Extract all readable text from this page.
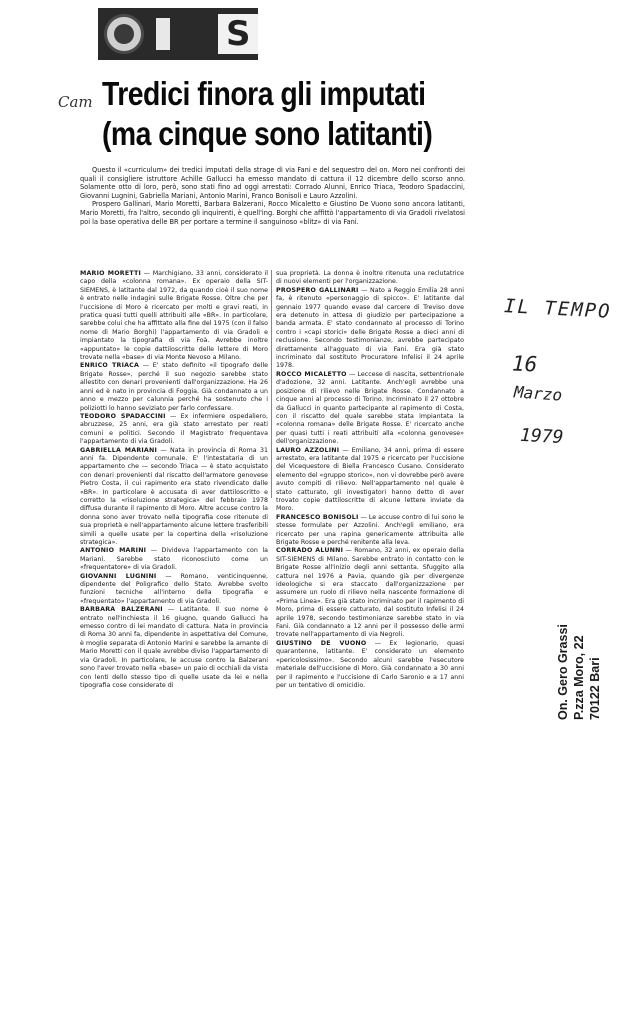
S
Cam Tredici finora gli imputati
(ma cinque sono latitanti)

Questo il «curriculum» dei tredici imputati della strage di via Fani e del sequestro del on. Moro nei confronti dei quali il consigliere istruttore Achille Gallucci ha emesso mandato di cattura il 12 dicembre dello scorso anno. Solamente otto di loro, però, sono stati fino ad oggi arrestati: Corrado Alunni, Enrico Triaca, Teodoro Spadaccini, Giovanni Lugnini, Gabriella Mariani, Antonio Marini, Franco Bonisoli e Lauro Azzolini.

Prospero Gallinari, Mario Moretti, Barbara Balzerani, Rocco Micaletto e Giustino De Vuono sono ancora latitanti, Mario Moretti, fra l'altro, secondo gli inquirenti, è quell'ing. Borghi che affittò l'appartamento di via Gradoli rivelatosi poi la base operativa delle BR per portare a termine il sanguinoso «blitz» di via Fani.

MARIO MORETTI — Marchigiano, 33 anni, considerato il capo della «colonna romana». Ex operaio della SIT-SIEMENS, è latitante dal 1972, da quando cioè il suo nome è entrato nelle indagini sulle Brigate Rosse. Oltre che per l'uccisione di Moro è ricercato per molti e gravi reati, in pratica quasi tutti quelli attribuiti alle «BR». In particolare, sarebbe colui che ha affittato alla fine del 1975 (con il falso nome di Mario Borghi) l'appartamento di via Gradoli e impiantato la tipografia di via Foà. Avrebbe inoltre «appuntato» le copie dattiloscritte delle lettere di Moro trovate nella «base» di via Monte Nevoso a Milano.

ENRICO TRIACA — E' stato definito «il tipografo delle Brigate Rosse», perché il suo negozio sarebbe stato allestito con denari provenienti dall'organizzazione. Ha 26 anni ed è nato in provincia di Foggia. Già condannato a un anno e mezzo per calunnia perché ha sostenuto che i poliziotti lo hanno seviziato per farlo confessare.

TEODORO SPADACCINI — Ex infermiere ospedaliero, abruzzese, 25 anni, era già stato arrestato per reati comuni e politici. Secondo il Magistrato frequentava l'appartamento di via Gradoli.

GABRIELLA MARIANI — Nata in provincia di Roma 31 anni fa. Dipendente comunale. E' l'intestataria di un appartamento che — secondo Triaca — è stato acquistato con denari provenienti dal riscatto dell'armatore genovese Pietro Costa, il cui rapimento era stato rivendicato dalle «BR». In particolare è accusata di aver dattiloscritto e corretto la «risoluzione strategica» del febbraio 1978 diffusa durante il rapimento di Moro. Altre accuse contro la donna sono aver trovato nella tipografia cose ritenute di sua proprietà e nell'appartamento alcune lettere trasferibili simili a quelle usate per la copertina della «risoluzione strategica».

ANTONIO MARINI — Divideva l'appartamento con la Mariani. Sarebbe stato riconosciuto come un «frequentatore» di via Gradoli.

GIOVANNI LUGNINI — Romano, venticinquenne, dipendente del Poligrafico dello Stato. Avrebbe svolto funzioni tecniche all'interno della tipografia e «frequentato» l'appartamento di via Gradoli.

BARBARA BALZERANI — Latitante. Il suo nome è entrato nell'inchiesta il 16 giugno, quando Gallucci ha emesso contro di lei mandato di cattura. Nata in provincia di Roma 30 anni fa, dipendente in aspettativa del Comune, è moglie separata di Antonio Marini e sarebbe la amante di Mario Moretti con il quale avrebbe diviso l'appartamento di via Gradoli. In particolare, le accuse contro la Balzerani sono l'aver trovato nella «base» un paio di occhiali da vista con lenti dello stesso tipo di quelle usate da lei e nella tipografia cose considerate di

sua proprietà. La donna è inoltre ritenuta una reclutatrice di nuovi elementi per l'organizzazione.

PROSPERO GALLINARI — Nato a Reggio Emilia 28 anni fa, è ritenuto «personaggio di spicco». E' latitante dal gennaio 1977 quando evase dal carcere di Treviso dove era detenuto in attesa di giudizio per partecipazione a banda armata. E' stato condannato al processo di Torino contro i «capi storici» delle Brigate Rosse a dieci anni di reclusione. Secondo testimonianze, avrebbe partecipato direttamente all'agguato di via Fani. Era già stato incriminato dal sostituto Procuratore Infelisi il 24 aprile 1978.

ROCCO MICALETTO — Leccese di nascita, settentrionale d'adozione, 32 anni. Latitante. Anch'egli avrebbe una posizione di rilievo nelle Brigate Rosse. Condannato a cinque anni al processo di Torino. Incriminato il 27 ottobre da Gallucci in quanto partecipante al rapimento di Costa, con il riscatto del quale sarebbe stata impiantata la «colonna romana» delle Brigate Rosse. E' ricercato anche per quasi tutti i reati attribuiti alla «colonna genovese» dell'organizzazione.

LAURO AZZOLINI — Emiliano, 34 anni, prima di essere arrestato, era latitante dal 1975 e ricercato per l'uccisione del Vicequestore di Biella Francesco Cusano. Considerato elemento del «gruppo storico», non vi dovrebbe però avere avuto compiti di rilievo. Nell'appartamento nel quale è stato catturato, gli investigatori hanno detto di aver trovato copie dattiloscritte di alcune lettere inviate da Moro.

FRANCESCO BONISOLI — Le accuse contro di lui sono le stesse formulate per Azzolini. Anch'egli emiliano, era ricercato per una rapina genericamente attribuita alle Brigate Rosse e perché renitente alla leva.

CORRADO ALUNNI — Romano, 32 anni, ex operaio della SIT-SIEMENS di Milano. Sarebbe entrato in contatto con le Brigate Rosse all'inizio degli anni settanta. Sfuggito alla cattura nel 1976 a Pavia, quando già per divergenze ideologiche si era staccato dall'organizzazione per assumere un ruolo di rilievo nella nascente formazione di «Prima Linea». Era già stato incriminato per il rapimento di Moro, prima di essere catturato, dal sostituto Infelisi il 24 aprile 1978, secondo testimonianze sarebbe stato in via Fani. Già condannato a 12 anni per il possesso delle armi trovate nell'appartamento di via Negroli.

GIUSTINO DE VUONO — Ex legionario, quasi quarantenne, latitante. E' considerato un elemento «pericolosissimo». Secondo alcuni sarebbe l'esecutore materiale dell'uccisione di Moro. Già condannato a 30 anni per il rapimento e l'uccisione di Carlo Saronio e a 17 anni per un tentativo di omicidio.

IL TEMPO
16
Marzo
1979
On. Gero Grassi P.zza Moro, 22 70122 Bari
